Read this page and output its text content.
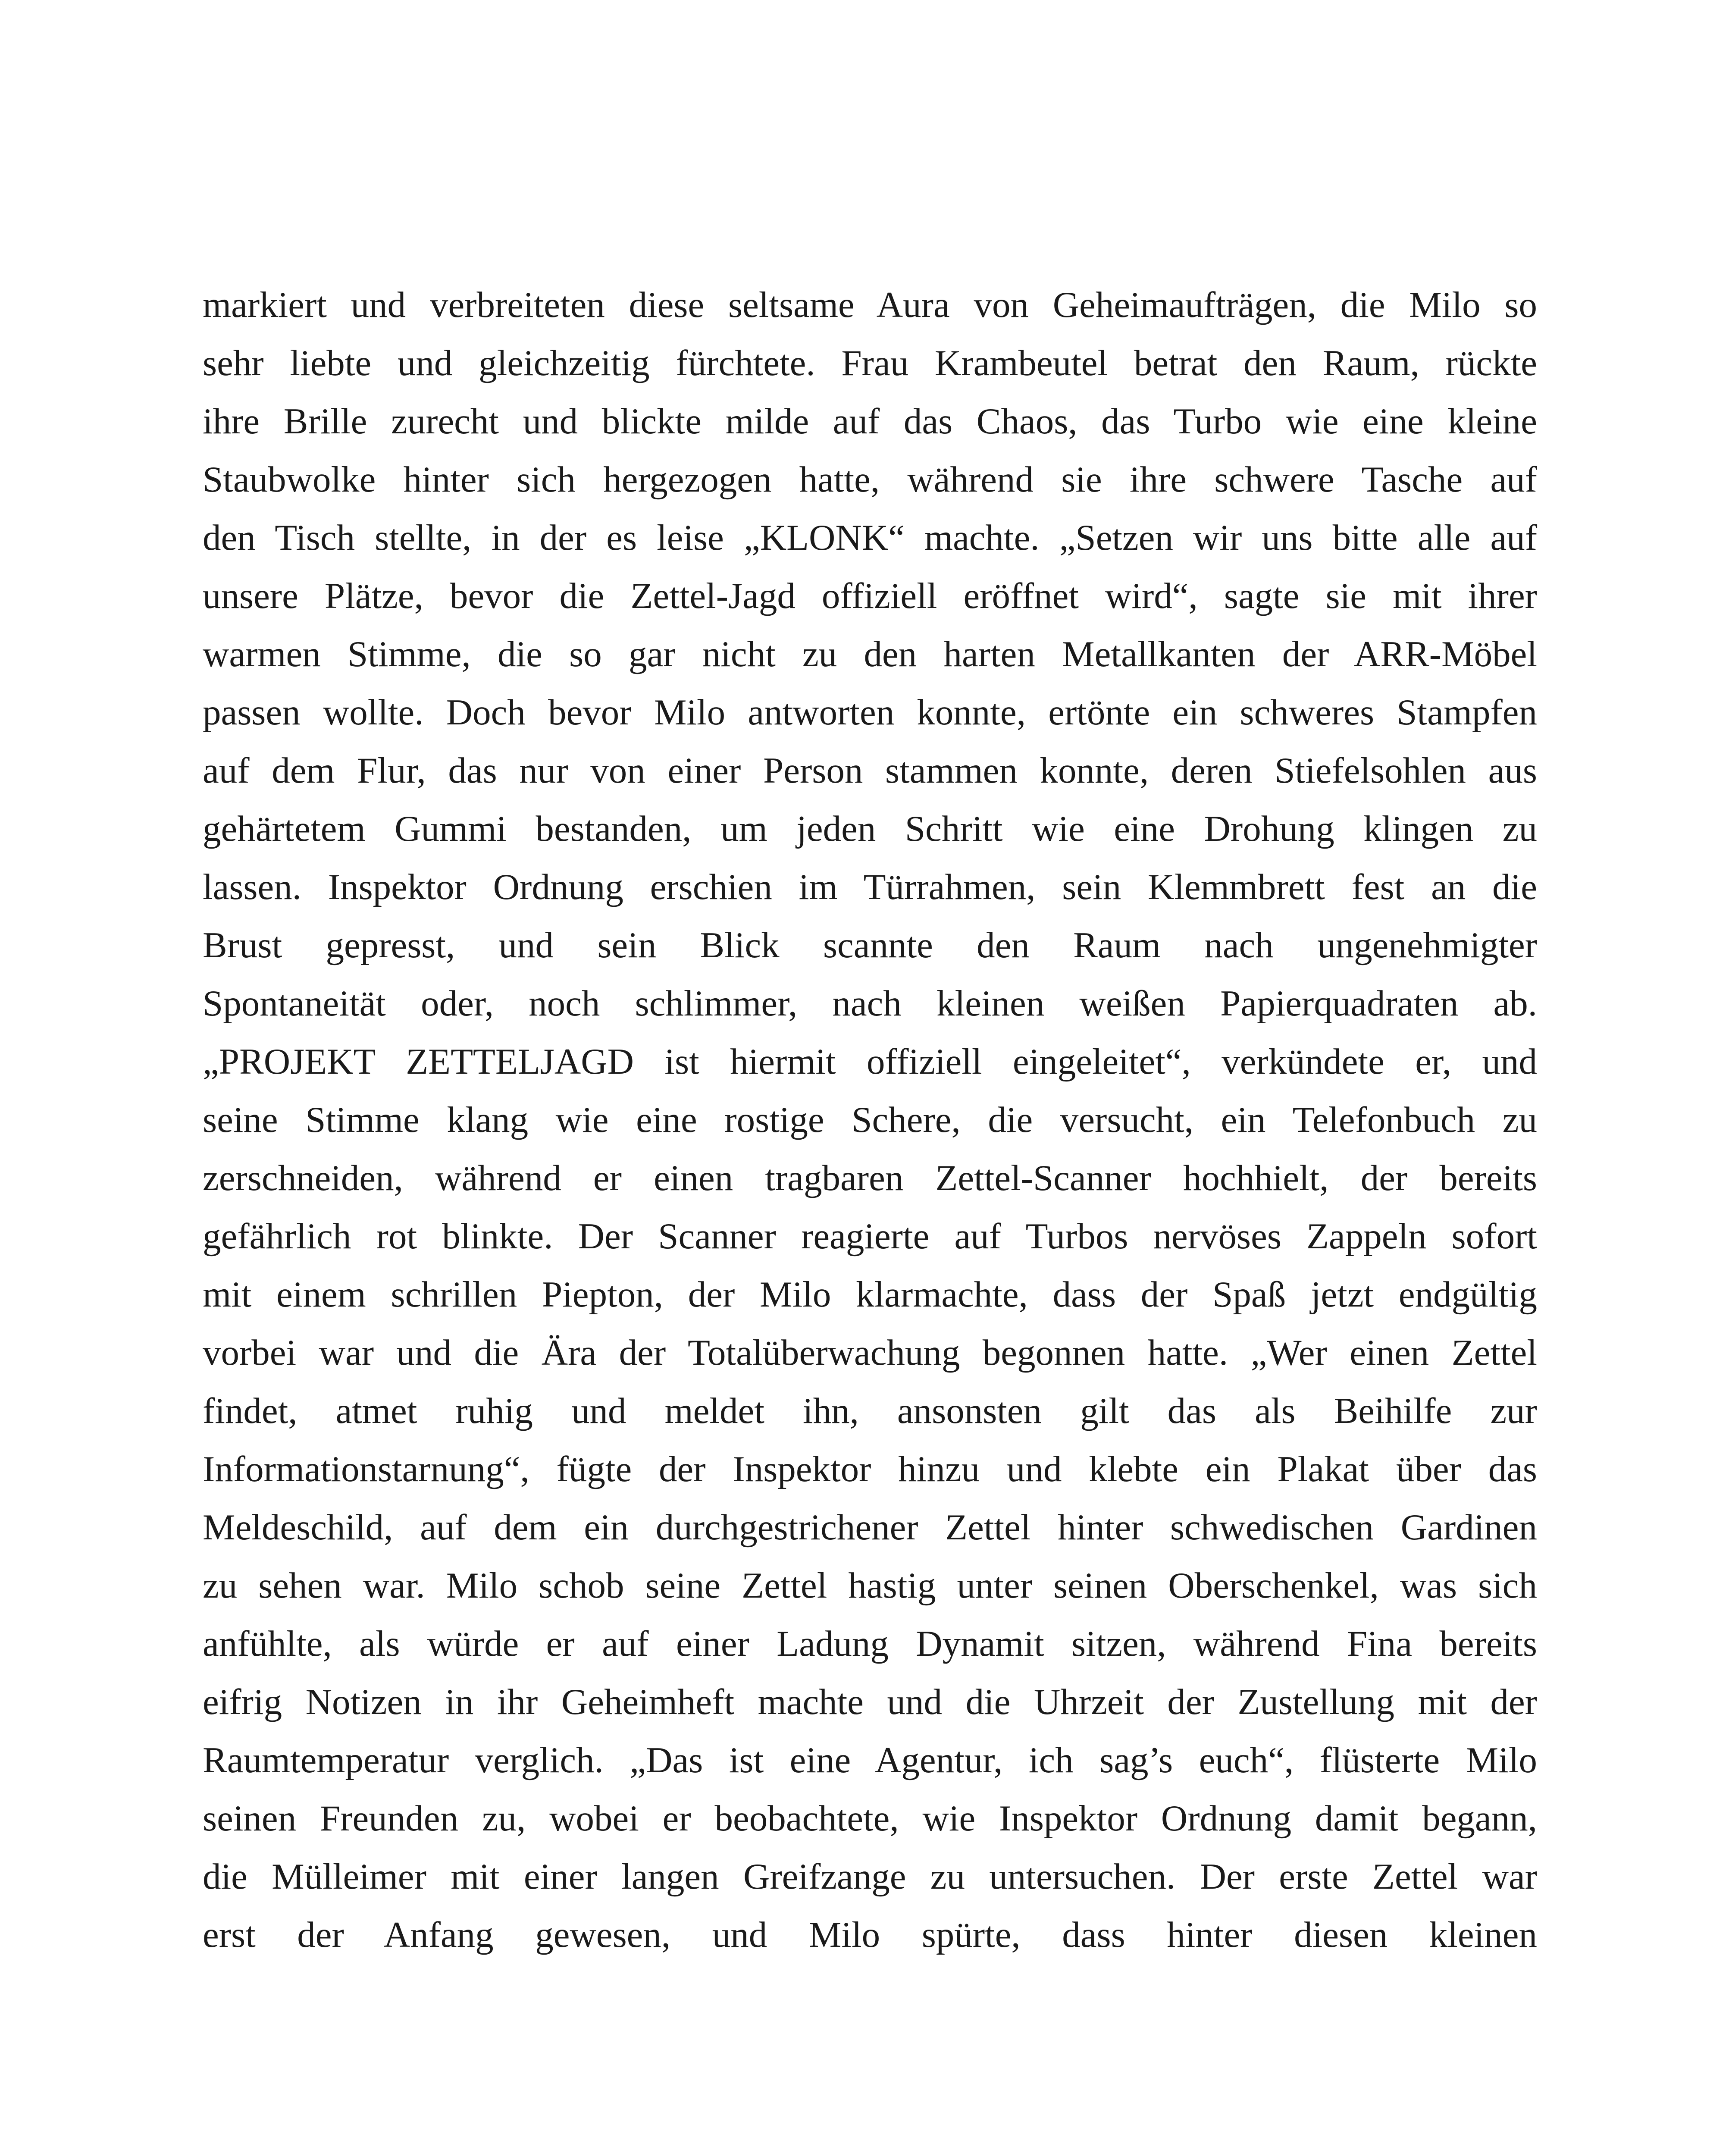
markiert und verbreiteten diese seltsame Aura von Geheimaufträgen, die Milo so
sehr liebte und gleichzeitig fürchtete. Frau Krambeutel betrat den Raum, rückte
ihre Brille zurecht und blickte milde auf das Chaos, das Turbo wie eine kleine
Staubwolke hinter sich hergezogen hatte, während sie ihre schwere Tasche auf
den Tisch stellte, in der es leise „KLONK“ machte. „Setzen wir uns bitte alle auf
unsere Plätze, bevor die Zettel-Jagd offiziell eröffnet wird“, sagte sie mit ihrer
warmen Stimme, die so gar nicht zu den harten Metallkanten der ARR-Möbel
passen wollte. Doch bevor Milo antworten konnte, ertönte ein schweres Stampfen
auf dem Flur, das nur von einer Person stammen konnte, deren Stiefelsohlen aus
gehärtetem Gummi bestanden, um jeden Schritt wie eine Drohung klingen zu
lassen. Inspektor Ordnung erschien im Türrahmen, sein Klemmbrett fest an die
Brust gepresst, und sein Blick scannte den Raum nach ungenehmigter
Spontaneität oder, noch schlimmer, nach kleinen weißen Papierquadraten ab.
„PROJEKT ZETTELJAGD ist hiermit offiziell eingeleitet“, verkündete er, und
seine Stimme klang wie eine rostige Schere, die versucht, ein Telefonbuch zu
zerschneiden, während er einen tragbaren Zettel-Scanner hochhielt, der bereits
gefährlich rot blinkte. Der Scanner reagierte auf Turbos nervöses Zappeln sofort
mit einem schrillen Piepton, der Milo klarmachte, dass der Spaß jetzt endgültig
vorbei war und die Ära der Totalüberwachung begonnen hatte. „Wer einen Zettel
findet, atmet ruhig und meldet ihn, ansonsten gilt das als Beihilfe zur
Informationstarnung“, fügte der Inspektor hinzu und klebte ein Plakat über das
Meldeschild, auf dem ein durchgestrichener Zettel hinter schwedischen Gardinen
zu sehen war. Milo schob seine Zettel hastig unter seinen Oberschenkel, was sich
anfühlte, als würde er auf einer Ladung Dynamit sitzen, während Fina bereits
eifrig Notizen in ihr Geheimheft machte und die Uhrzeit der Zustellung mit der
Raumtemperatur verglich. „Das ist eine Agentur, ich sag’s euch“, flüsterte Milo
seinen Freunden zu, wobei er beobachtete, wie Inspektor Ordnung damit begann,
die Mülleimer mit einer langen Greifzange zu untersuchen. Der erste Zettel war
erst der Anfang gewesen, und Milo spürte, dass hinter diesen kleinen
